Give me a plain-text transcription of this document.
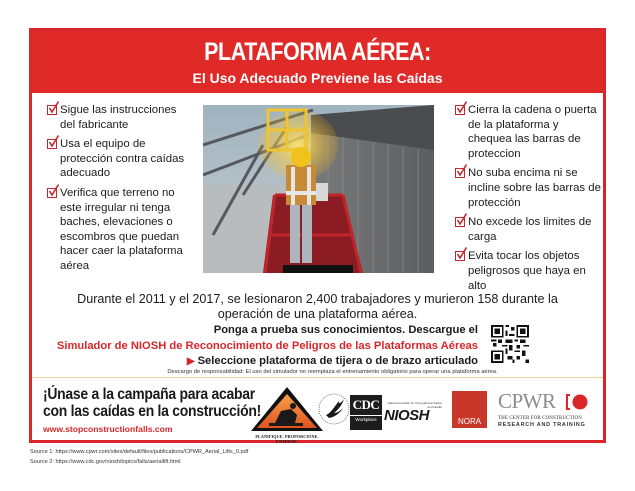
PLATAFORMA AÉREA:
El Uso Adecuado Previene las Caídas
Sigue las instrucciones del fabricante
Usa el equipo de protección contra caídas adecuado
Verifica que terreno no este irregular ni tenga baches, elevaciones o escombros que puedan hacer caer la plataforma aérea
Cierra la cadena o puerta de la plataforma y chequea las barras de proteccion
No suba encima ni se incline sobre las barras de protección
No excede los limites de carga
Evita tocar los objetos peligrosos que haya en alto
Durante el 2011 y el 2017, se lesionaron 2,400 trabajadores y murieron 158 durante la operación de una plataforma aérea.
Ponga a prueba sus conocimientos. Descargue el
Simulador de NIOSH de Reconocimiento de Peligros de las Plataformas Aéreas
▶ Seleccione plataforma de tijera o de brazo articulado
Descargo de responsabilidad: El uso del simulador no reemplaza el entrenamiento obligatorio para operar una plataforma aérea.
¡Únase a la campaña para acabar
con las caídas en la construcción!
www.stopconstructionfalls.com
PLANIFIQUE. PROPORCIONE. ENTRENE.
CDC
Workplace
National Institute for Occupational Safety and Health
NIOSH	NORA
CPWR
THE CENTER FOR CONSTRUCTION
RESEARCH AND TRAINING
Source 1: https://www.cpwr.com/sites/default/files/publications/CPWR_Aerial_Lifts_0.pdf
Source 2: https://www.cdc.gov/niosh/topics/falls/aeriallift.html
